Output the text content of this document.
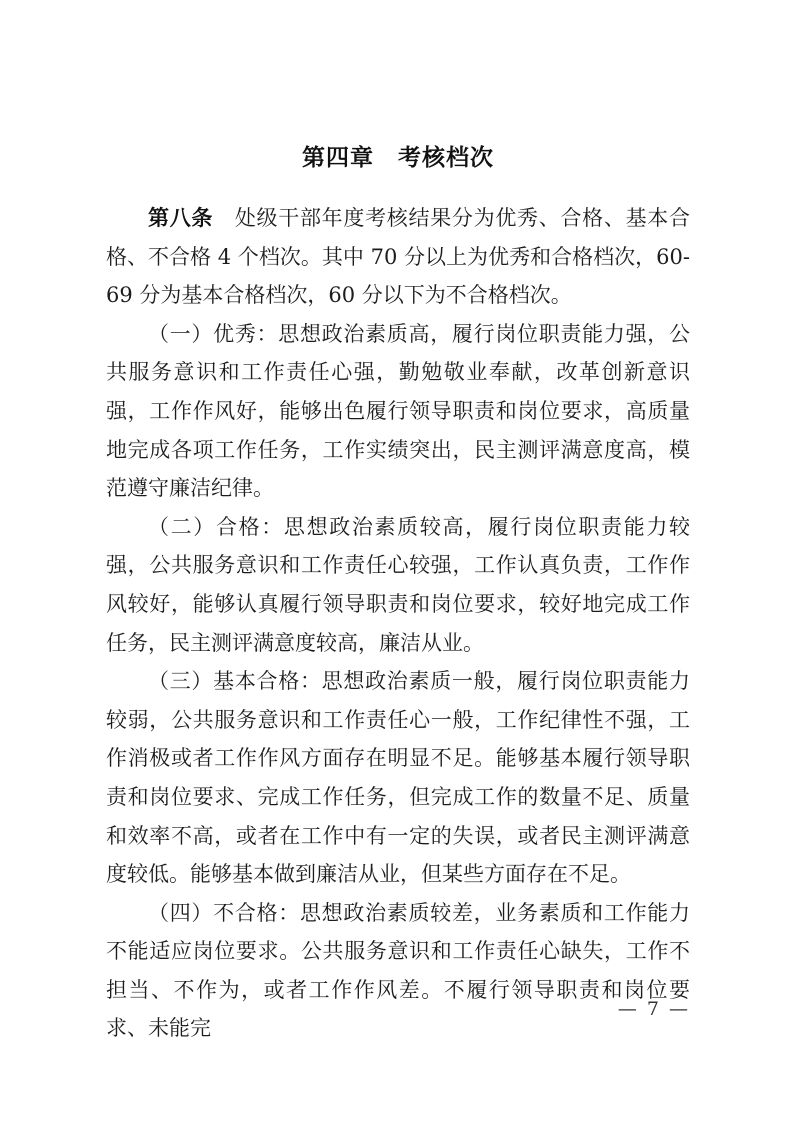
第四章　考核档次

第八条　处级干部年度考核结果分为优秀、合格、基本合格、不合格 4 个档次。其中 70 分以上为优秀和合格档次，60-69 分为基本合格档次，60 分以下为不合格档次。

（一）优秀：思想政治素质高，履行岗位职责能力强，公共服务意识和工作责任心强，勤勉敬业奉献，改革创新意识强，工作作风好，能够出色履行领导职责和岗位要求，高质量地完成各项工作任务，工作实绩突出，民主测评满意度高，模范遵守廉洁纪律。

（二）合格：思想政治素质较高，履行岗位职责能力较强，公共服务意识和工作责任心较强，工作认真负责，工作作风较好，能够认真履行领导职责和岗位要求，较好地完成工作任务，民主测评满意度较高，廉洁从业。

（三）基本合格：思想政治素质一般，履行岗位职责能力较弱，公共服务意识和工作责任心一般，工作纪律性不强，工作消极或者工作作风方面存在明显不足。能够基本履行领导职责和岗位要求、完成工作任务，但完成工作的数量不足、质量和效率不高，或者在工作中有一定的失误，或者民主测评满意度较低。能够基本做到廉洁从业，但某些方面存在不足。

（四）不合格：思想政治素质较差，业务素质和工作能力不能适应岗位要求。公共服务意识和工作责任心缺失，工作不担当、不作为，或者工作作风差。不履行领导职责和岗位要求、未能完

— 7 —
